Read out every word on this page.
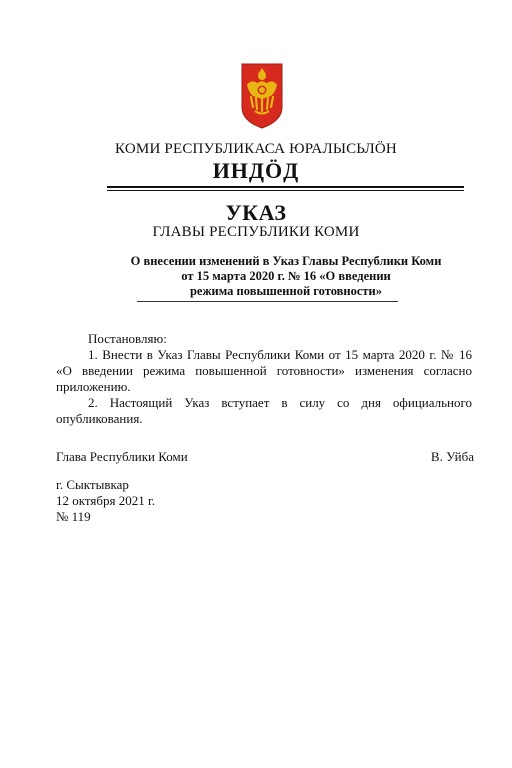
КОМИ РЕСПУБЛИКАСА ЮРАЛЫСЬЛӦН
ИНДӦД
УКАЗ
ГЛАВЫ РЕСПУБЛИКИ КОМИ
О внесении изменений в Указ Главы Республики Коми
от 15 марта 2020 г. № 16 «О введении
режима повышенной готовности»

Постановляю:

1. Внести в Указ Главы Республики Коми от 15 марта 2020 г. № 16 «О введении режима повышенной готовности» изменения согласно приложению.

2. Настоящий Указ вступает в силу со дня официального опубликования.

Глава Республики Коми	В. Уйба
г. Сыктывкар
12 октября 2021 г.
№ 119
